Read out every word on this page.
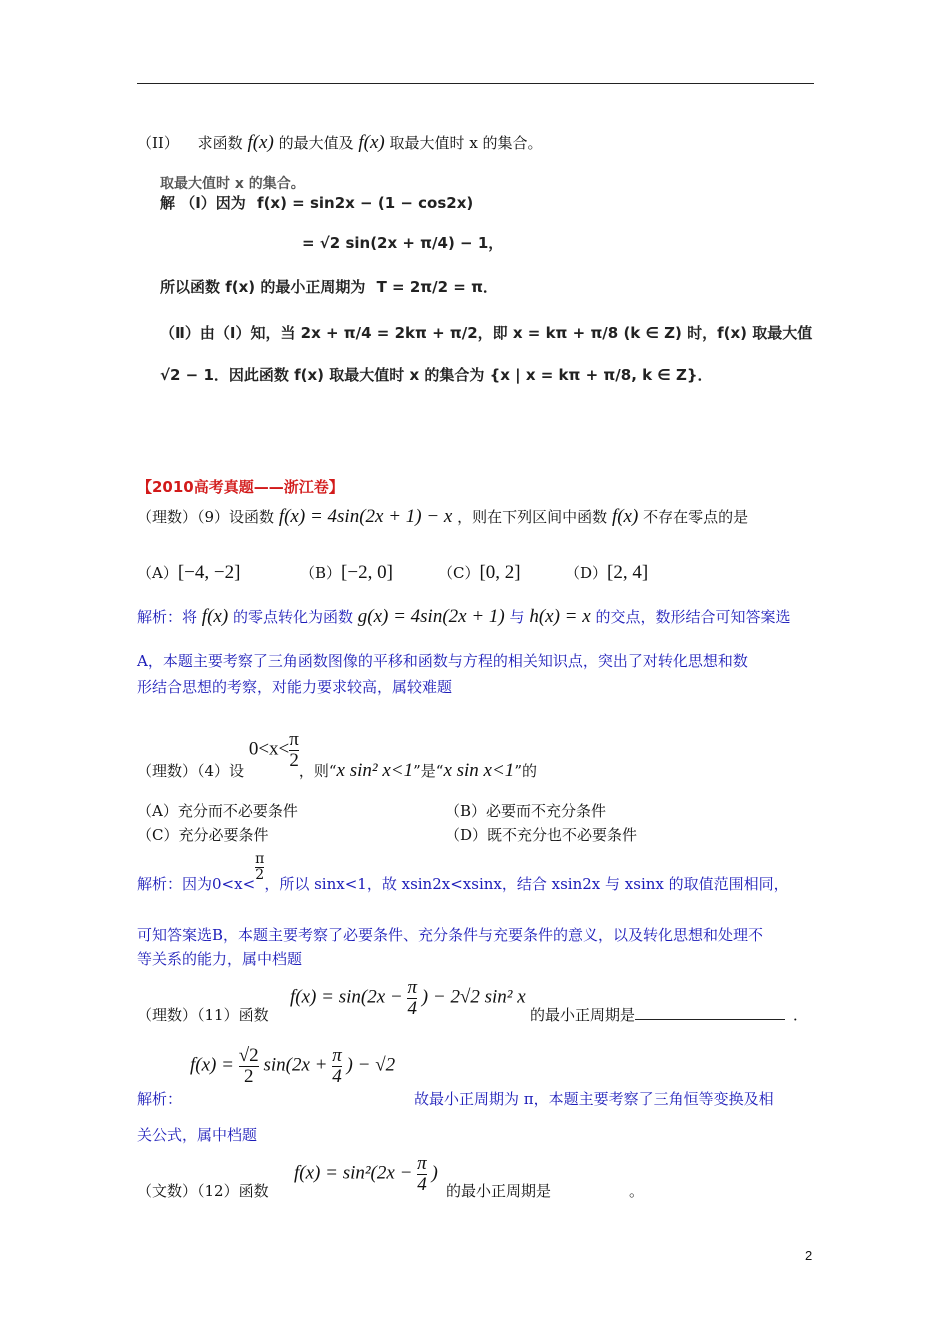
（II） 求函数 f(x) 的最大值及 f(x) 取最大值时 x 的集合。
取最大值时 x 的集合。
解 （Ⅰ）因为 f(x) = sin2x − (1 − cos2x)
= √2 sin(2x + π/4) − 1，
所以函数 f(x) 的最小正周期为 T = 2π/2 = π．
（Ⅱ）由（Ⅰ）知，当 2x + π/4 = 2kπ + π/2，即 x = kπ + π/8 (k ∈ Z) 时，f(x) 取最大值
√2 − 1．因此函数 f(x) 取最大值时 x 的集合为 {x | x = kπ + π/8, k ∈ Z}．
【2010高考真题——浙江卷】
（理数）（9）设函数 f(x) = 4sin(2x + 1) − x ，则在下列区间中函数 f(x) 不存在零点的是
（A）[−4, −2]	（B）[−2, 0]	（C）[0, 2]	（D）[2, 4]
解析：将 f(x) 的零点转化为函数 g(x) = 4sin(2x + 1) 与 h(x) = x 的交点，数形结合可知答案选
A，本题主要考察了三角函数图像的平移和函数与方程的相关知识点，突出了对转化思想和数
形结合思想的考察，对能力要求较高，属较难题
（理数）（4）设 $0<x< \frac{\pi}{2}$
，则“x sin² x<1”是“x sin x<1”的
（A）充分而不必要条件	（B）必要而不充分条件
（C）充分必要条件	（D）既不充分也不必要条件
解析：因为0<x<
$\frac{\pi}{2}$
，所以 sinx<1，故 xsin2x<xsinx，结合 xsin2x 与 xsinx 的取值范围相同，
可知答案选B，本题主要考察了必要条件、充分条件与充要条件的意义，以及转化思想和处理不
等关系的能力，属中档题
（理数）（11）函数
$f(x) = \sin(2x - \frac{\pi}{4}$ ) − 2√2 sin² x
的最小正周期是	．
$f(x) = \frac{√2}{2} \sin(2x + \frac{\pi}{4}$ ) − √2
解析：	故最小正周期为 π，本题主要考察了三角恒等变换及相
关公式，属中档题
（文数）（12）函数
$f(x) = \sin^2(2x - \frac{\pi}{4}$ )
的最小正周期是	。
2
